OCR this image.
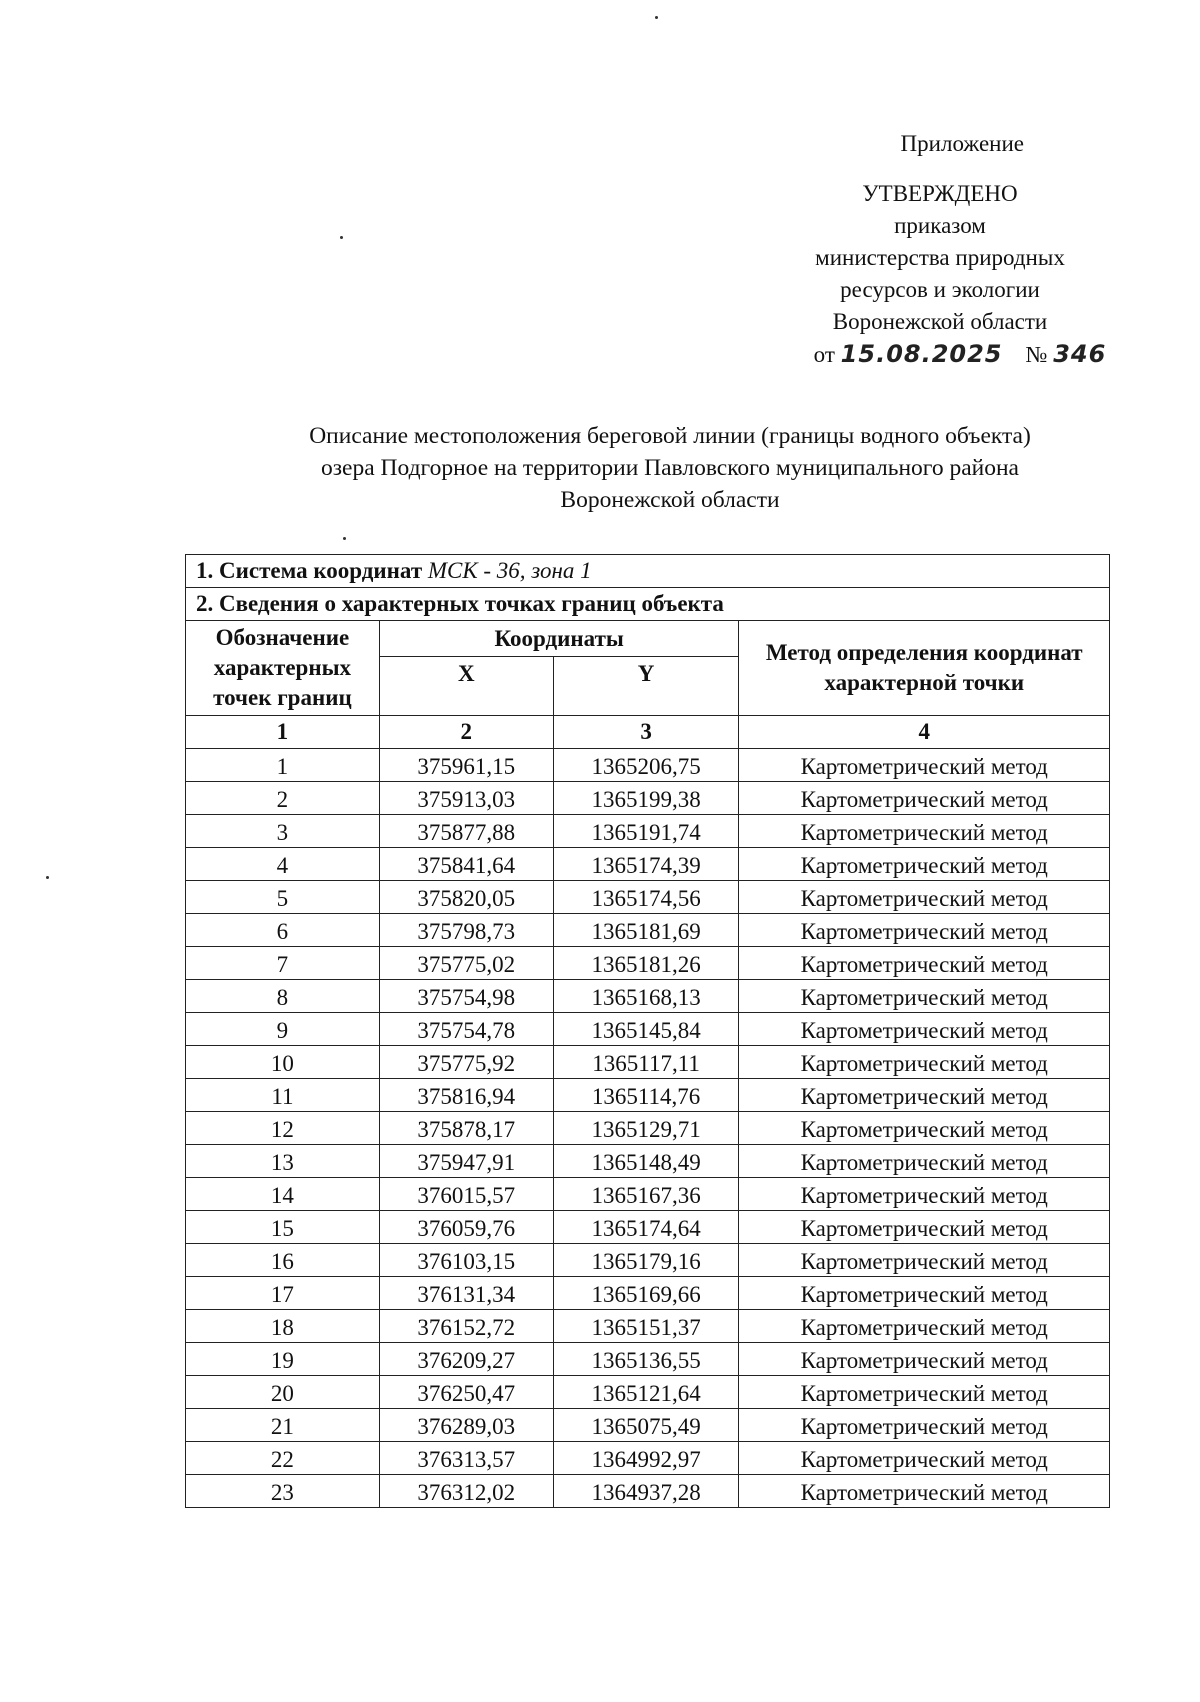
Приложение
УТВЕРЖДЕНО
приказом
министерства природных
ресурсов и экологии
Воронежской области
от 15.08.2025 № 346
Описание местоположения береговой линии (границы водного объекта)
озера Подгорное на территории Павловского муниципального района
Воронежской области
1. Система координат МСК - 36, зона 1			
2. Сведения о характерных точках границ объекта			
Обозначение характерных точек границ	Координаты		Метод определения координат характерной точки
	X	Y	
1	2	3	4
1	375961,15	1365206,75	Картометрический метод
2	375913,03	1365199,38	Картометрический метод
3	375877,88	1365191,74	Картометрический метод
4	375841,64	1365174,39	Картометрический метод
5	375820,05	1365174,56	Картометрический метод
6	375798,73	1365181,69	Картометрический метод
7	375775,02	1365181,26	Картометрический метод
8	375754,98	1365168,13	Картометрический метод
9	375754,78	1365145,84	Картометрический метод
10	375775,92	1365117,11	Картометрический метод
11	375816,94	1365114,76	Картометрический метод
12	375878,17	1365129,71	Картометрический метод
13	375947,91	1365148,49	Картометрический метод
14	376015,57	1365167,36	Картометрический метод
15	376059,76	1365174,64	Картометрический метод
16	376103,15	1365179,16	Картометрический метод
17	376131,34	1365169,66	Картометрический метод
18	376152,72	1365151,37	Картометрический метод
19	376209,27	1365136,55	Картометрический метод
20	376250,47	1365121,64	Картометрический метод
21	376289,03	1365075,49	Картометрический метод
22	376313,57	1364992,97	Картометрический метод
23	376312,02	1364937,28	Картометрический метод
